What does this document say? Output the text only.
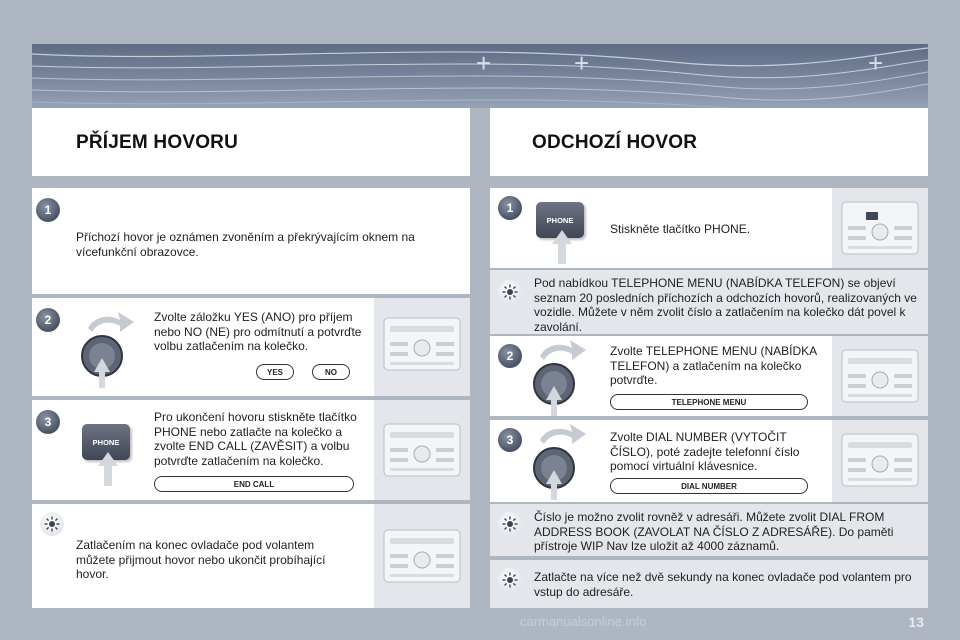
+	+	+
PŘÍJEM HOVORU	ODCHOZÍ HOVOR
1
Příchozí hovor je oznámen zvoněním a překrývajícím oknem na vícefunkční obrazovce.
2	Zvolte záložku YES (ANO) pro příjem nebo NO (NE) pro odmítnutí a potvrďte volbu zatlačením na kolečko.
YES	NO
3
PHONE
Pro ukončení hovoru stiskněte tlačítko PHONE nebo zatlačte na kolečko a zvolte END CALL (ZAVĚSIT) a volbu potvrďte zatlačením na kolečko.
END CALL
Zatlačením na konec ovladače pod volantem můžete přijmout hovor nebo ukončit probíhající hovor.
1
PHONE
Stiskněte tlačítko PHONE.
Pod nabídkou TELEPHONE MENU (NABÍDKA TELEFON) se objeví seznam 20 posledních příchozích a odchozích hovorů, realizovaných ve vozidle. Můžete v něm zvolit číslo a zatlačením na kolečko dát povel k zavolání.
2	Zvolte TELEPHONE MENU (NABÍDKA TELEFON) a zatlačením na kolečko potvrďte.
TELEPHONE MENU
3	Zvolte DIAL NUMBER (VYTOČIT ČÍSLO), poté zadejte telefonní číslo pomocí virtuální klávesnice.
DIAL NUMBER
Číslo je možno zvolit rovněž v adresáři. Můžete zvolit DIAL FROM ADDRESS BOOK (ZAVOLAT NA ČÍSLO Z ADRESÁŘE). Do paměti přístroje WIP Nav lze uložit až 4000 záznamů.
Zatlačte na více než dvě sekundy na konec ovladače pod volantem pro vstup do adresáře.
carmanualsonline.info	13
